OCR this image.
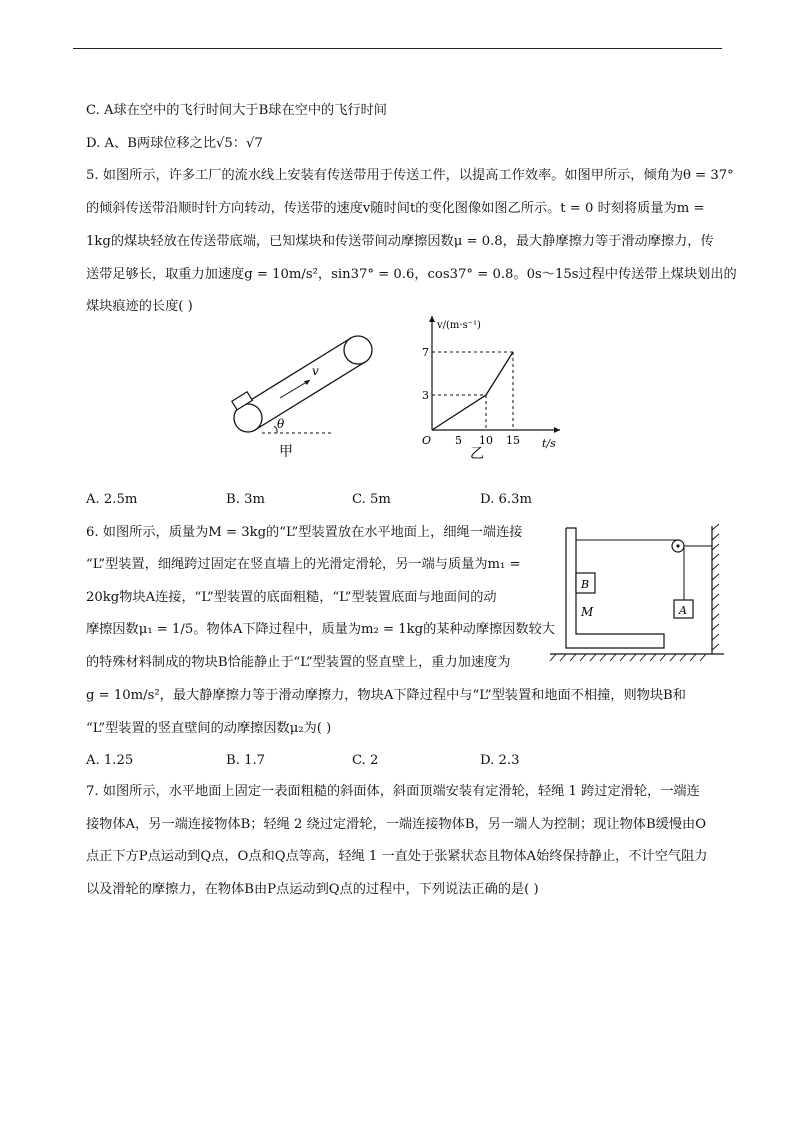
C. A球在空中的飞行时间大于B球在空中的飞行时间
D. A、B两球位移之比√5：√7
5. 如图所示，许多工厂的流水线上安装有传送带用于传送工件，以提高工作效率。如图甲所示，倾角为θ = 37°
的倾斜传送带沿顺时针方向转动，传送带的速度v随时间t的变化图像如图乙所示。t = 0 时刻将质量为m =
1kg的煤块轻放在传送带底端，已知煤块和传送带间动摩擦因数μ = 0.8，最大静摩擦力等于滑动摩擦力，传
送带足够长，取重力加速度g = 10m/s²，sin37° = 0.6，cos37° = 0.8。0s～15s过程中传送带上煤块划出的
煤块痕迹的长度( )
v
θ
甲
v/(m·s⁻¹)
t/s
O 5 10 15
3
7
乙
A. 2.5m	B. 3m	C. 5m	D. 6.3m
6. 如图所示，质量为M = 3kg的“L”型装置放在水平地面上，细绳一端连接
“L”型装置，细绳跨过固定在竖直墙上的光滑定滑轮，另一端与质量为m₁ =
20kg物块A连接，“L”型装置的底面粗糙，“L”型装置底面与地面间的动
摩擦因数μ₁ = 1/5。物体A下降过程中，质量为m₂ = 1kg的某种动摩擦因数较大
的特殊材料制成的物块B恰能静止于“L”型装置的竖直壁上，重力加速度为
g = 10m/s²，最大静摩擦力等于滑动摩擦力，物块A下降过程中与“L”型装置和地面不相撞，则物块B和
“L”型装置的竖直壁间的动摩擦因数μ₂为( )
A
B
M
A. 1.25	B. 1.7	C. 2	D. 2.3
7. 如图所示，水平地面上固定一表面粗糙的斜面体，斜面顶端安装有定滑轮，轻绳 1 跨过定滑轮，一端连
接物体A，另一端连接物体B；轻绳 2 绕过定滑轮，一端连接物体B，另一端人为控制；现让物体B缓慢由O
点正下方P点运动到Q点，O点和Q点等高，轻绳 1 一直处于张紧状态且物体A始终保持静止，不计空气阻力
以及滑轮的摩擦力，在物体B由P点运动到Q点的过程中，下列说法正确的是( )
